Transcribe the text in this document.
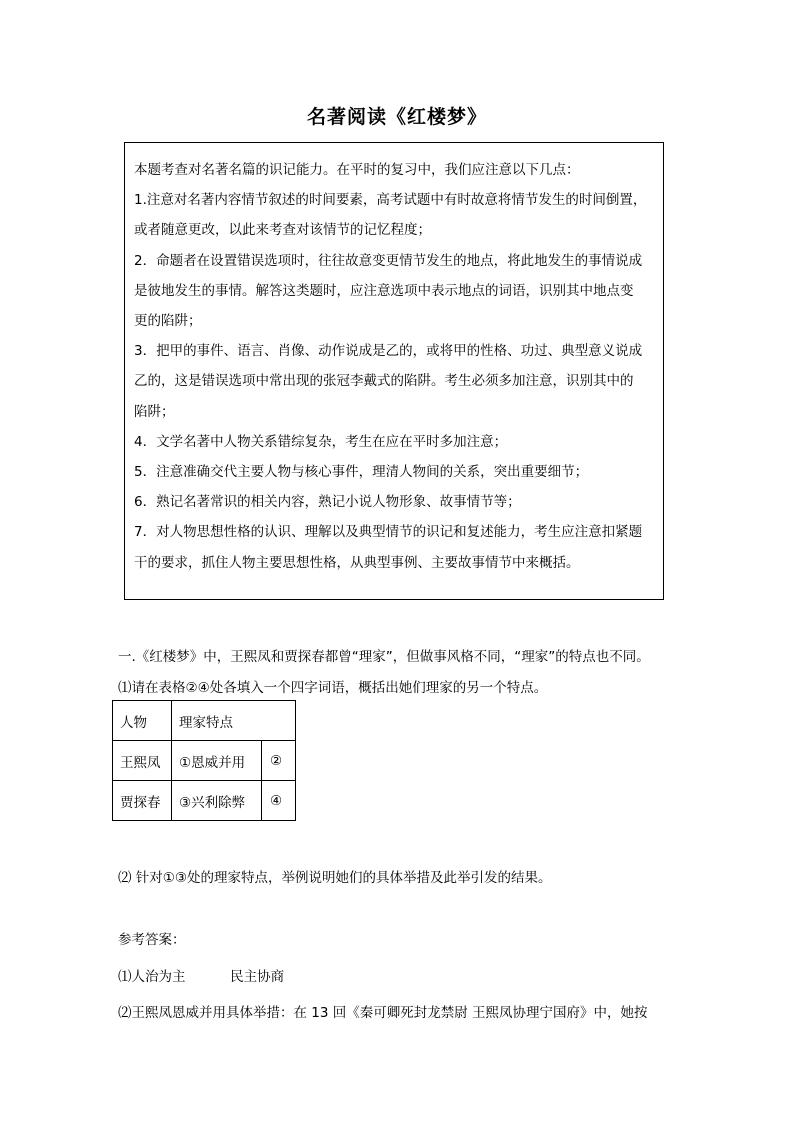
名著阅读《红楼梦》

本题考查对名著名篇的识记能力。在平时的复习中，我们应注意以下几点：

1.注意对名著内容情节叙述的时间要素，高考试题中有时故意将情节发生的时间倒置，

或者随意更改，以此来考查对该情节的记忆程度；

2．命题者在设置错误选项时，往往故意变更情节发生的地点，将此地发生的事情说成

是彼地发生的事情。解答这类题时，应注意选项中表示地点的词语，识别其中地点变

更的陷阱；

3．把甲的事件、语言、肖像、动作说成是乙的，或将甲的性格、功过、典型意义说成

乙的，这是错误选项中常出现的张冠李戴式的陷阱。考生必须多加注意，识别其中的

陷阱；

4．文学名著中人物关系错综复杂，考生在应在平时多加注意；

5．注意准确交代主要人物与核心事件，理清人物间的关系，突出重要细节；

6．熟记名著常识的相关内容，熟记小说人物形象、故事情节等；

7．对人物思想性格的认识、理解以及典型情节的识记和复述能力，考生应注意扣紧题

干的要求，抓住人物主要思想性格，从典型事例、主要故事情节中来概括。

一.《红楼梦》中，王熙凤和贾探春都曾“理家”，但做事风格不同，“理家”的特点也不同。
⑴请在表格②④处各填入一个四字词语，概括出她们理家的另一个特点。
人物	理家特点	
王熙凤	①恩威并用	②
贾探春	③兴利除弊	④
⑵ 针对①③处的理家特点，举例说明她们的具体举措及此举引发的结果。
参考答案：
⑴人治为主	民主协商
⑵王熙凤恩威并用具体举措：在 13 回《秦可卿死封龙禁尉 王熙凤协理宁国府》中，她按
